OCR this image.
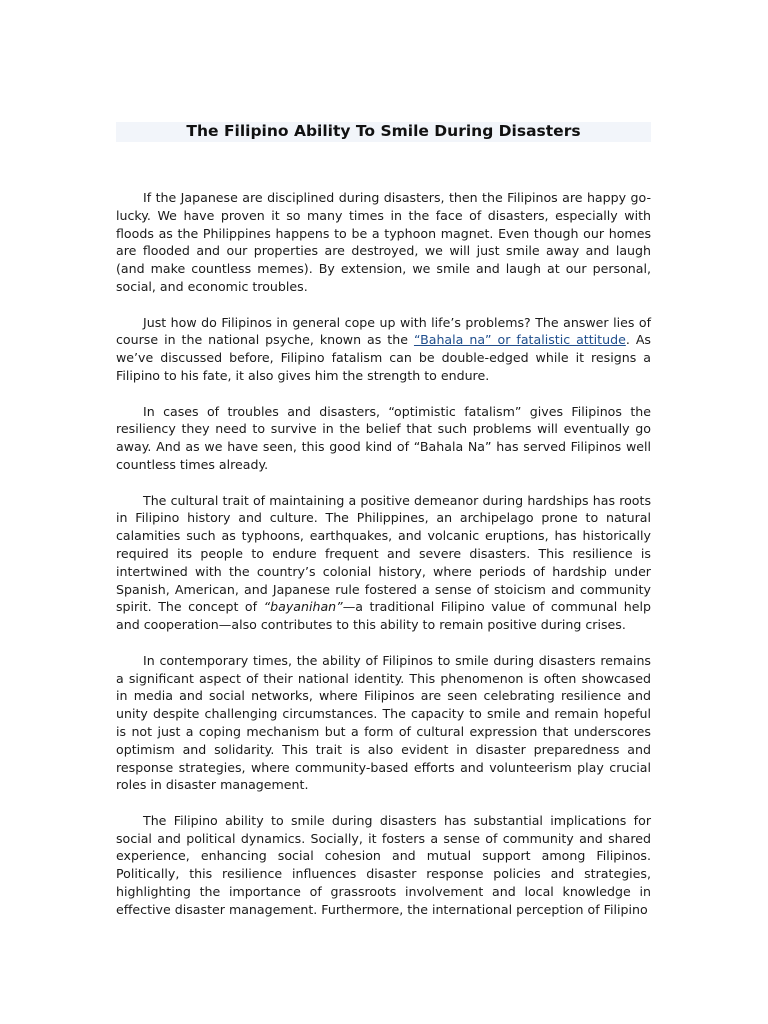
The Filipino Ability To Smile During Disasters

If the Japanese are disciplined during disasters, then the Filipinos are happy go-lucky. We have proven it so many times in the face of disasters, especially with floods as the Philippines happens to be a typhoon magnet. Even though our homes are flooded and our properties are destroyed, we will just smile away and laugh (and make countless memes). By extension, we smile and laugh at our personal, social, and economic troubles.

Just how do Filipinos in general cope up with life’s problems? The answer lies of course in the national psyche, known as the “Bahala na” or fatalistic attitude. As we’ve discussed before, Filipino fatalism can be double-edged while it resigns a Filipino to his fate, it also gives him the strength to endure.

In cases of troubles and disasters, “optimistic fatalism” gives Filipinos the resiliency they need to survive in the belief that such problems will eventually go away. And as we have seen, this good kind of “Bahala Na” has served Filipinos well countless times already.

The cultural trait of maintaining a positive demeanor during hardships has roots in Filipino history and culture. The Philippines, an archipelago prone to natural calamities such as typhoons, earthquakes, and volcanic eruptions, has historically required its people to endure frequent and severe disasters. This resilience is intertwined with the country’s colonial history, where periods of hardship under Spanish, American, and Japanese rule fostered a sense of stoicism and community spirit. The concept of “bayanihan”—a traditional Filipino value of communal help and cooperation—also contributes to this ability to remain positive during crises.

In contemporary times, the ability of Filipinos to smile during disasters remains a significant aspect of their national identity. This phenomenon is often showcased in media and social networks, where Filipinos are seen celebrating resilience and unity despite challenging circumstances. The capacity to smile and remain hopeful is not just a coping mechanism but a form of cultural expression that underscores optimism and solidarity. This trait is also evident in disaster preparedness and response strategies, where community-based efforts and volunteerism play crucial roles in disaster management.

The Filipino ability to smile during disasters has substantial implications for social and political dynamics. Socially, it fosters a sense of community and shared experience, enhancing social cohesion and mutual support among Filipinos. Politically, this resilience influences disaster response policies and strategies, highlighting the importance of grassroots involvement and local knowledge in effective disaster management. Furthermore, the international perception of Filipino
